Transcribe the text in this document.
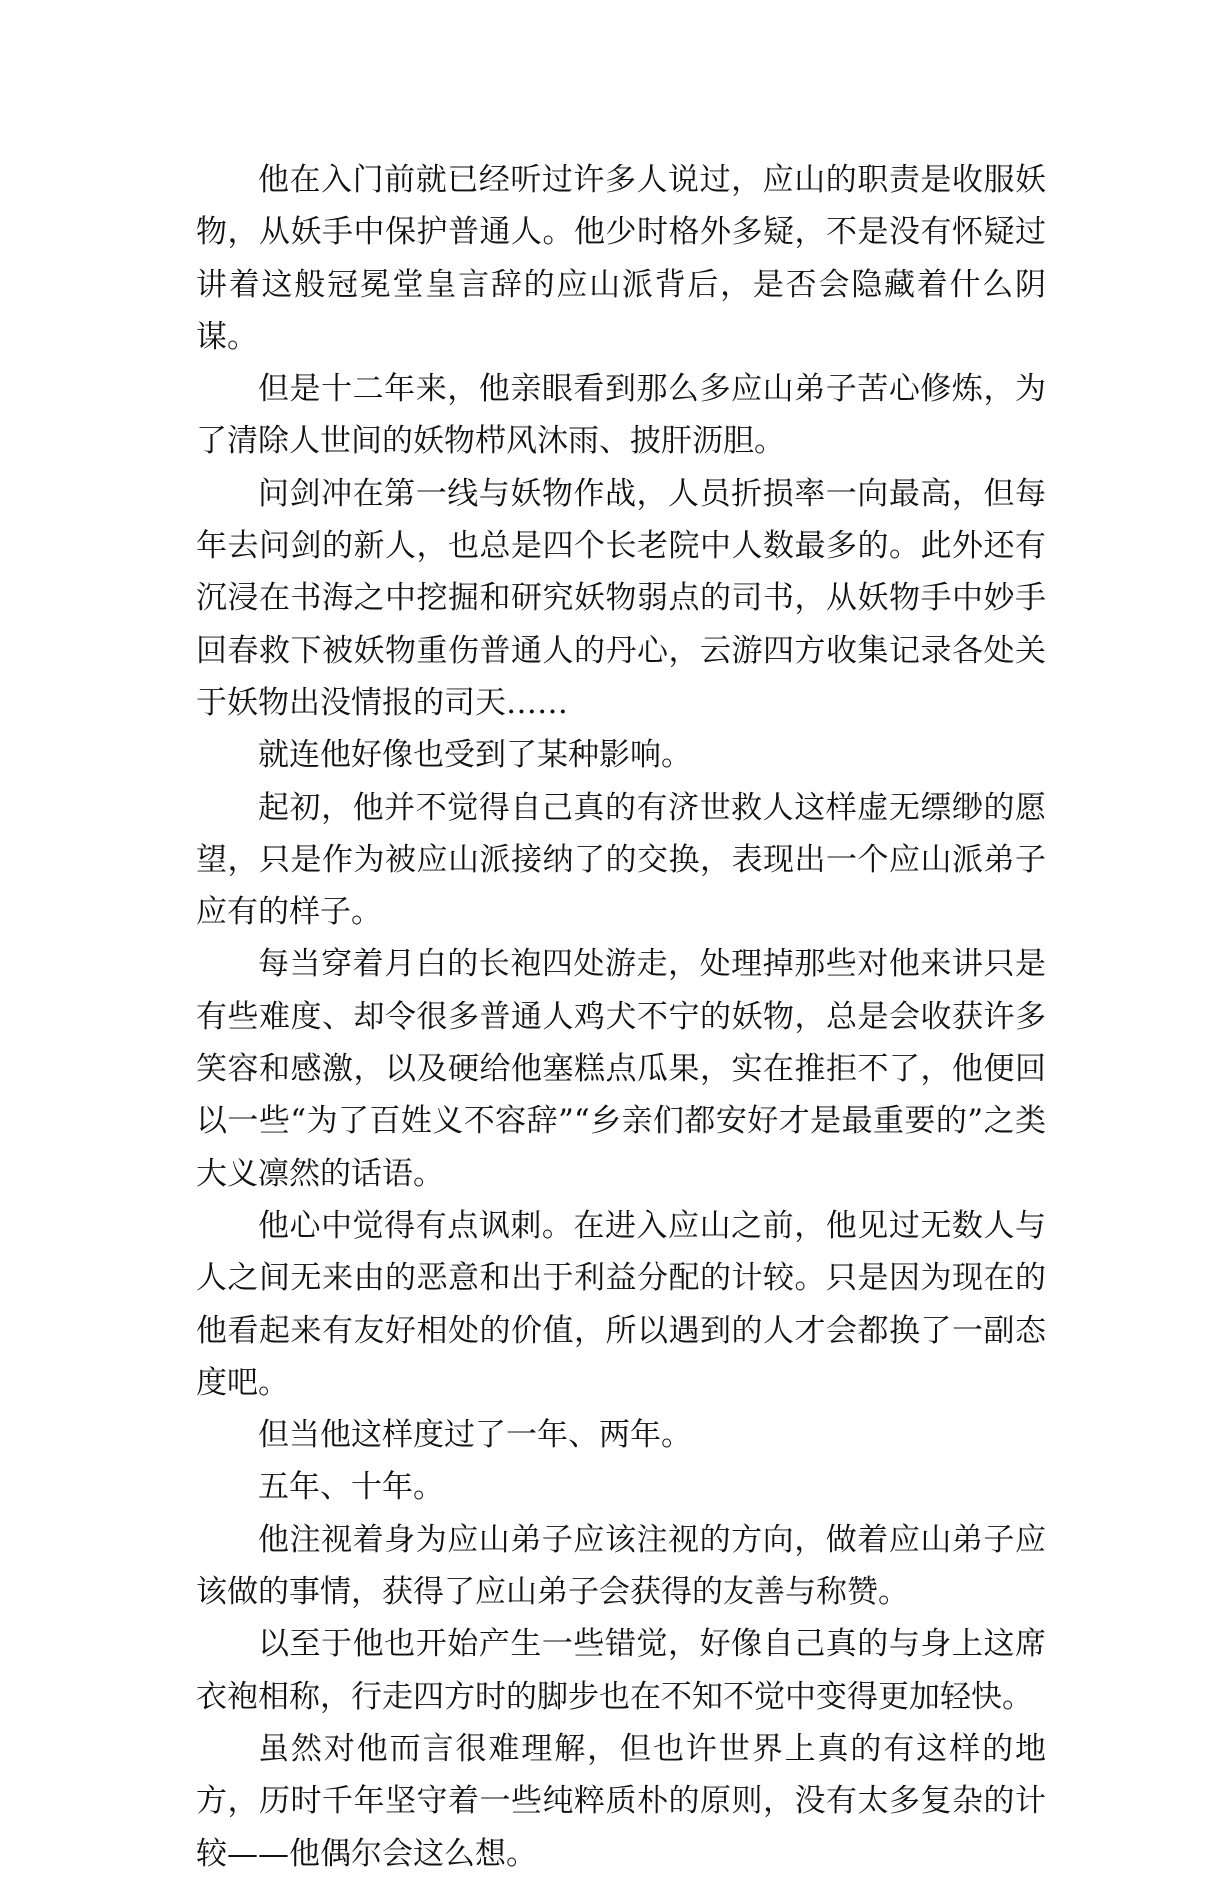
他在入门前就已经听过许多人说过，应山的职责是收服妖物，从妖手中保护普通人。他少时格外多疑，不是没有怀疑过讲着这般冠冕堂皇言辞的应山派背后，是否会隐藏着什么阴谋。

但是十二年来，他亲眼看到那么多应山弟子苦心修炼，为了清除人世间的妖物栉风沐雨、披肝沥胆。

问剑冲在第一线与妖物作战，人员折损率一向最高，但每年去问剑的新人，也总是四个长老院中人数最多的。此外还有沉浸在书海之中挖掘和研究妖物弱点的司书，从妖物手中妙手回春救下被妖物重伤普通人的丹心，云游四方收集记录各处关于妖物出没情报的司天……

就连他好像也受到了某种影响。

起初，他并不觉得自己真的有济世救人这样虚无缥缈的愿望，只是作为被应山派接纳了的交换，表现出一个应山派弟子应有的样子。

每当穿着月白的长袍四处游走，处理掉那些对他来讲只是有些难度、却令很多普通人鸡犬不宁的妖物，总是会收获许多笑容和感激，以及硬给他塞糕点瓜果，实在推拒不了，他便回以一些“为了百姓义不容辞”“乡亲们都安好才是最重要的”之类大义凛然的话语。

他心中觉得有点讽刺。在进入应山之前，他见过无数人与人之间无来由的恶意和出于利益分配的计较。只是因为现在的他看起来有友好相处的价值，所以遇到的人才会都换了一副态度吧。

但当他这样度过了一年、两年。

五年、十年。

他注视着身为应山弟子应该注视的方向，做着应山弟子应该做的事情，获得了应山弟子会获得的友善与称赞。

以至于他也开始产生一些错觉，好像自己真的与身上这席衣袍相称，行走四方时的脚步也在不知不觉中变得更加轻快。

虽然对他而言很难理解，但也许世界上真的有这样的地方，历时千年坚守着一些纯粹质朴的原则，没有太多复杂的计较——他偶尔会这么想。
